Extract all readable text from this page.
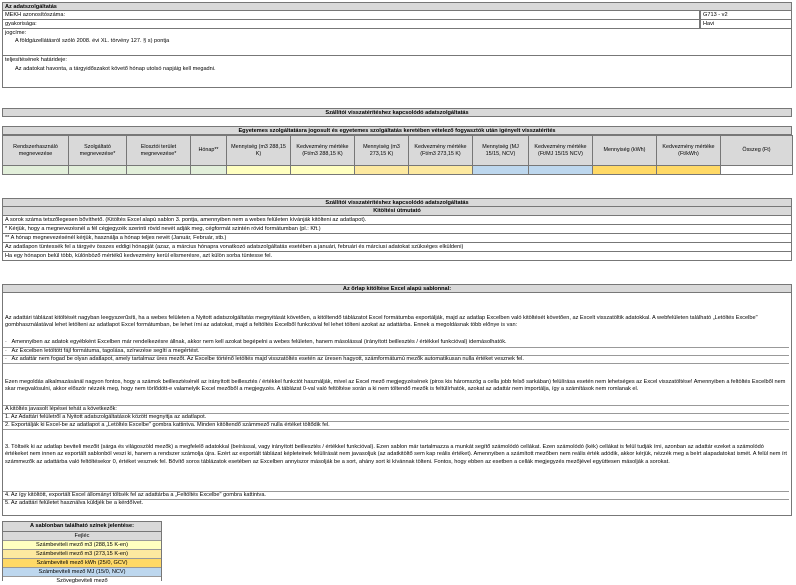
Az adatszolgáltatás
MEKH azonosítószáma:	G713 - v2
gyakorisága:	Havi
jogcíme:
A földgázellátásról szóló 2008. évi XL. törvény 127. § s) pontja
teljesítésének határideje:
Az adatokat havonta, a tárgyidőszakot követő hónap utolsó napjáig kell megadni.
Szállítói visszatérítéshez kapcsolódó adatszolgáltatás
Egyetemes szolgáltatásra jogosult és egyetemes szolgáltatás keretében vételező fogyasztók után igényelt visszatérítés
Rendszerhasználó megnevezése	Szolgáltató megnevezése*	Elosztói terület megnevezése*	Hónap**	Mennyiség (m3 288,15 K)	Kedvezmény mértéke (Ft/m3 288,15 K)	Mennyiség (m3 273,15 K)	Kedvezmény mértéke (Ft/m3 273,15 K)	Mennyiség (MJ 15/15, NCV)	Kedvezmény mértéke (Ft/MJ 15/15 NCV)	Mennyiség (kWh)	Kedvezmény mértéke (Ft/kWh)	Összeg (Ft)

Szállítói visszatérítéshez kapcsolódó adatszolgáltatás
Kitöltési útmutató
A sorok száma tetszőlegesen bővíthető. (Kitöltés Excel alapú sablon 3. pontja, amennyiben nem a webes felületen kívánják kitölteni az adatlapot).
* Kérjük, hogy a megnevezésnél a fél cégjegyzék szerinti rövid nevét adják meg, cégformát szintén rövid formátumban (pl.: Kft.)
** A hónap megnevezésénél kérjük, használja a hónap teljes nevét (Január, Február, stb.)
Az adatlapon tüntessék fel a tárgyév összes eddigi hónapját (azaz, a március hónapra vonatkozó adatszolgáltatás esetében a januári, februári és márciusi adatokat szükséges elküldeni)
Ha egy hónapon belül több, különböző mértékű kedvezmény kerül elismerésre, azt külön sorba tüntesse fel.
Az őrlap kitöltése Excel alapú sablonnal:
Az adattári táblázat kitöltését nagyban leegyszerűsíti, ha a webes felületen a Nyitott adatszolgáltatás megnyitását követően, a kitöltendő táblázatot Excel formátumba exportálják, majd az adatlap Excelben való kitöltését követően, az Excelt visszatöltik adatokkal. A webfelületen található „Letöltés Excelbe" gombhasználatával lehet letölteni az adatlapot Excel formátumban, be lehet írni az adatokat, majd a feltöltés Excelből funkcióval fel lehet tölteni azokat az adattárba. Ennek a megoldásnak több előnye is van:
· Amennyiben az adatok egyébként Excelben már rendelkezésre állnak, akkor nem kell azokat begépelni a webes felületen, hanem másolással (irányított beillesztés / értékkel funkcióval) idemásolhatók.
· Az Excelben letöltött fájl formátuma, tagolása, színezése segíti a megértést.
· Az adattár nem fogad be olyan adatlapot, amely tartalmaz üres mezőt. Az Excelbe történő letöltés majd visszatöltés esetén az üresen hagyott, számformátumú mezők automatikusan nulla értéket vesznek fel.
Ezen megoldás alkalmazásánál nagyon fontos, hogy a számok beillesztésénél az irányított beillesztés / értékkel funkciót használják, mivel az Excel mező megjegyzésének (piros kis háromszög a cella jobb felső sarkában) felülírása esetén nem lehetséges az Excel visszatöltése! Amennyiben a feltöltés Excelből nem skar megvalósulni, akkor először nézzék meg, hogy nem törlődött-e valamelyik Excel mezőből a megjegyzés. A táblázat 0-val való feltöltése során a ki nem töltendő mezők is feltülírhatók, azokat az adattár nem importálja, így a számítások nem romlanak el.
A kitöltés javasolt lépései tehát a következők:
1. Az Adattári felületről a Nyitott adatszolgáltatások között megnyitja az adatlapot.
2. Exportálják ki Excel-be az adatlapot a „Letöltés Excelbe" gombra kattintva. Minden kitöltendő számmező nulla értéket töltődik fel.
3. Töltsék ki az adatlap beviteli mezőit (sárga és világoszöld mezők) a megfelelő adatokkal (beírással, vagy irányított beillesztés / értékkel funkcióval). Ezen sablon már tartalmazza a munkát segítő számolódó cellákat. Ezen számolódó (kék) cellákat is felül tudják írni, azonban az adattár ezeket a számolódó értékeket nem innen az exportált sablonból veszi ki, hanem a rendszer számolja újra. Ezért az exportált táblázat képleteinek felülírását nem javasoljuk (az adatkitöltő sem kap reális értéket). Amennyiben a számított mezőben nem reális érték adódik, akkor kérjük, nézzék meg a beírt alapadatokat ismét. A felül nem írt számmezők az adattárba való feltöltésekor 0, értéket vesznek fel. Bővítő soros táblázatok esetében az Excelben annyiszor másolják be a sort, ahány sort ki kívánnak tölteni. Fontos, hogy ebben az esetben a cellák megjegyzés mezőjével együttesen másolják a sorokat.
4. Az így kitöltött, exportált Excel állományt töltsék fel az adattárba a „Feltöltés Excelbe" gombra kattintva.
5. Az adattári felületet használva küldjék be a kérdőívet.
A sablonban található színek jelentése:
Fejléc
Számbeviteli mező m3 (288,15 K-en)
Számbeviteli mező m3 (273,15 K-en)
Számbeviteli mező kWh (25/0, GCV)
Számbeviteli mező MJ (15/0, NCV)
Szövegbeviteli mező
